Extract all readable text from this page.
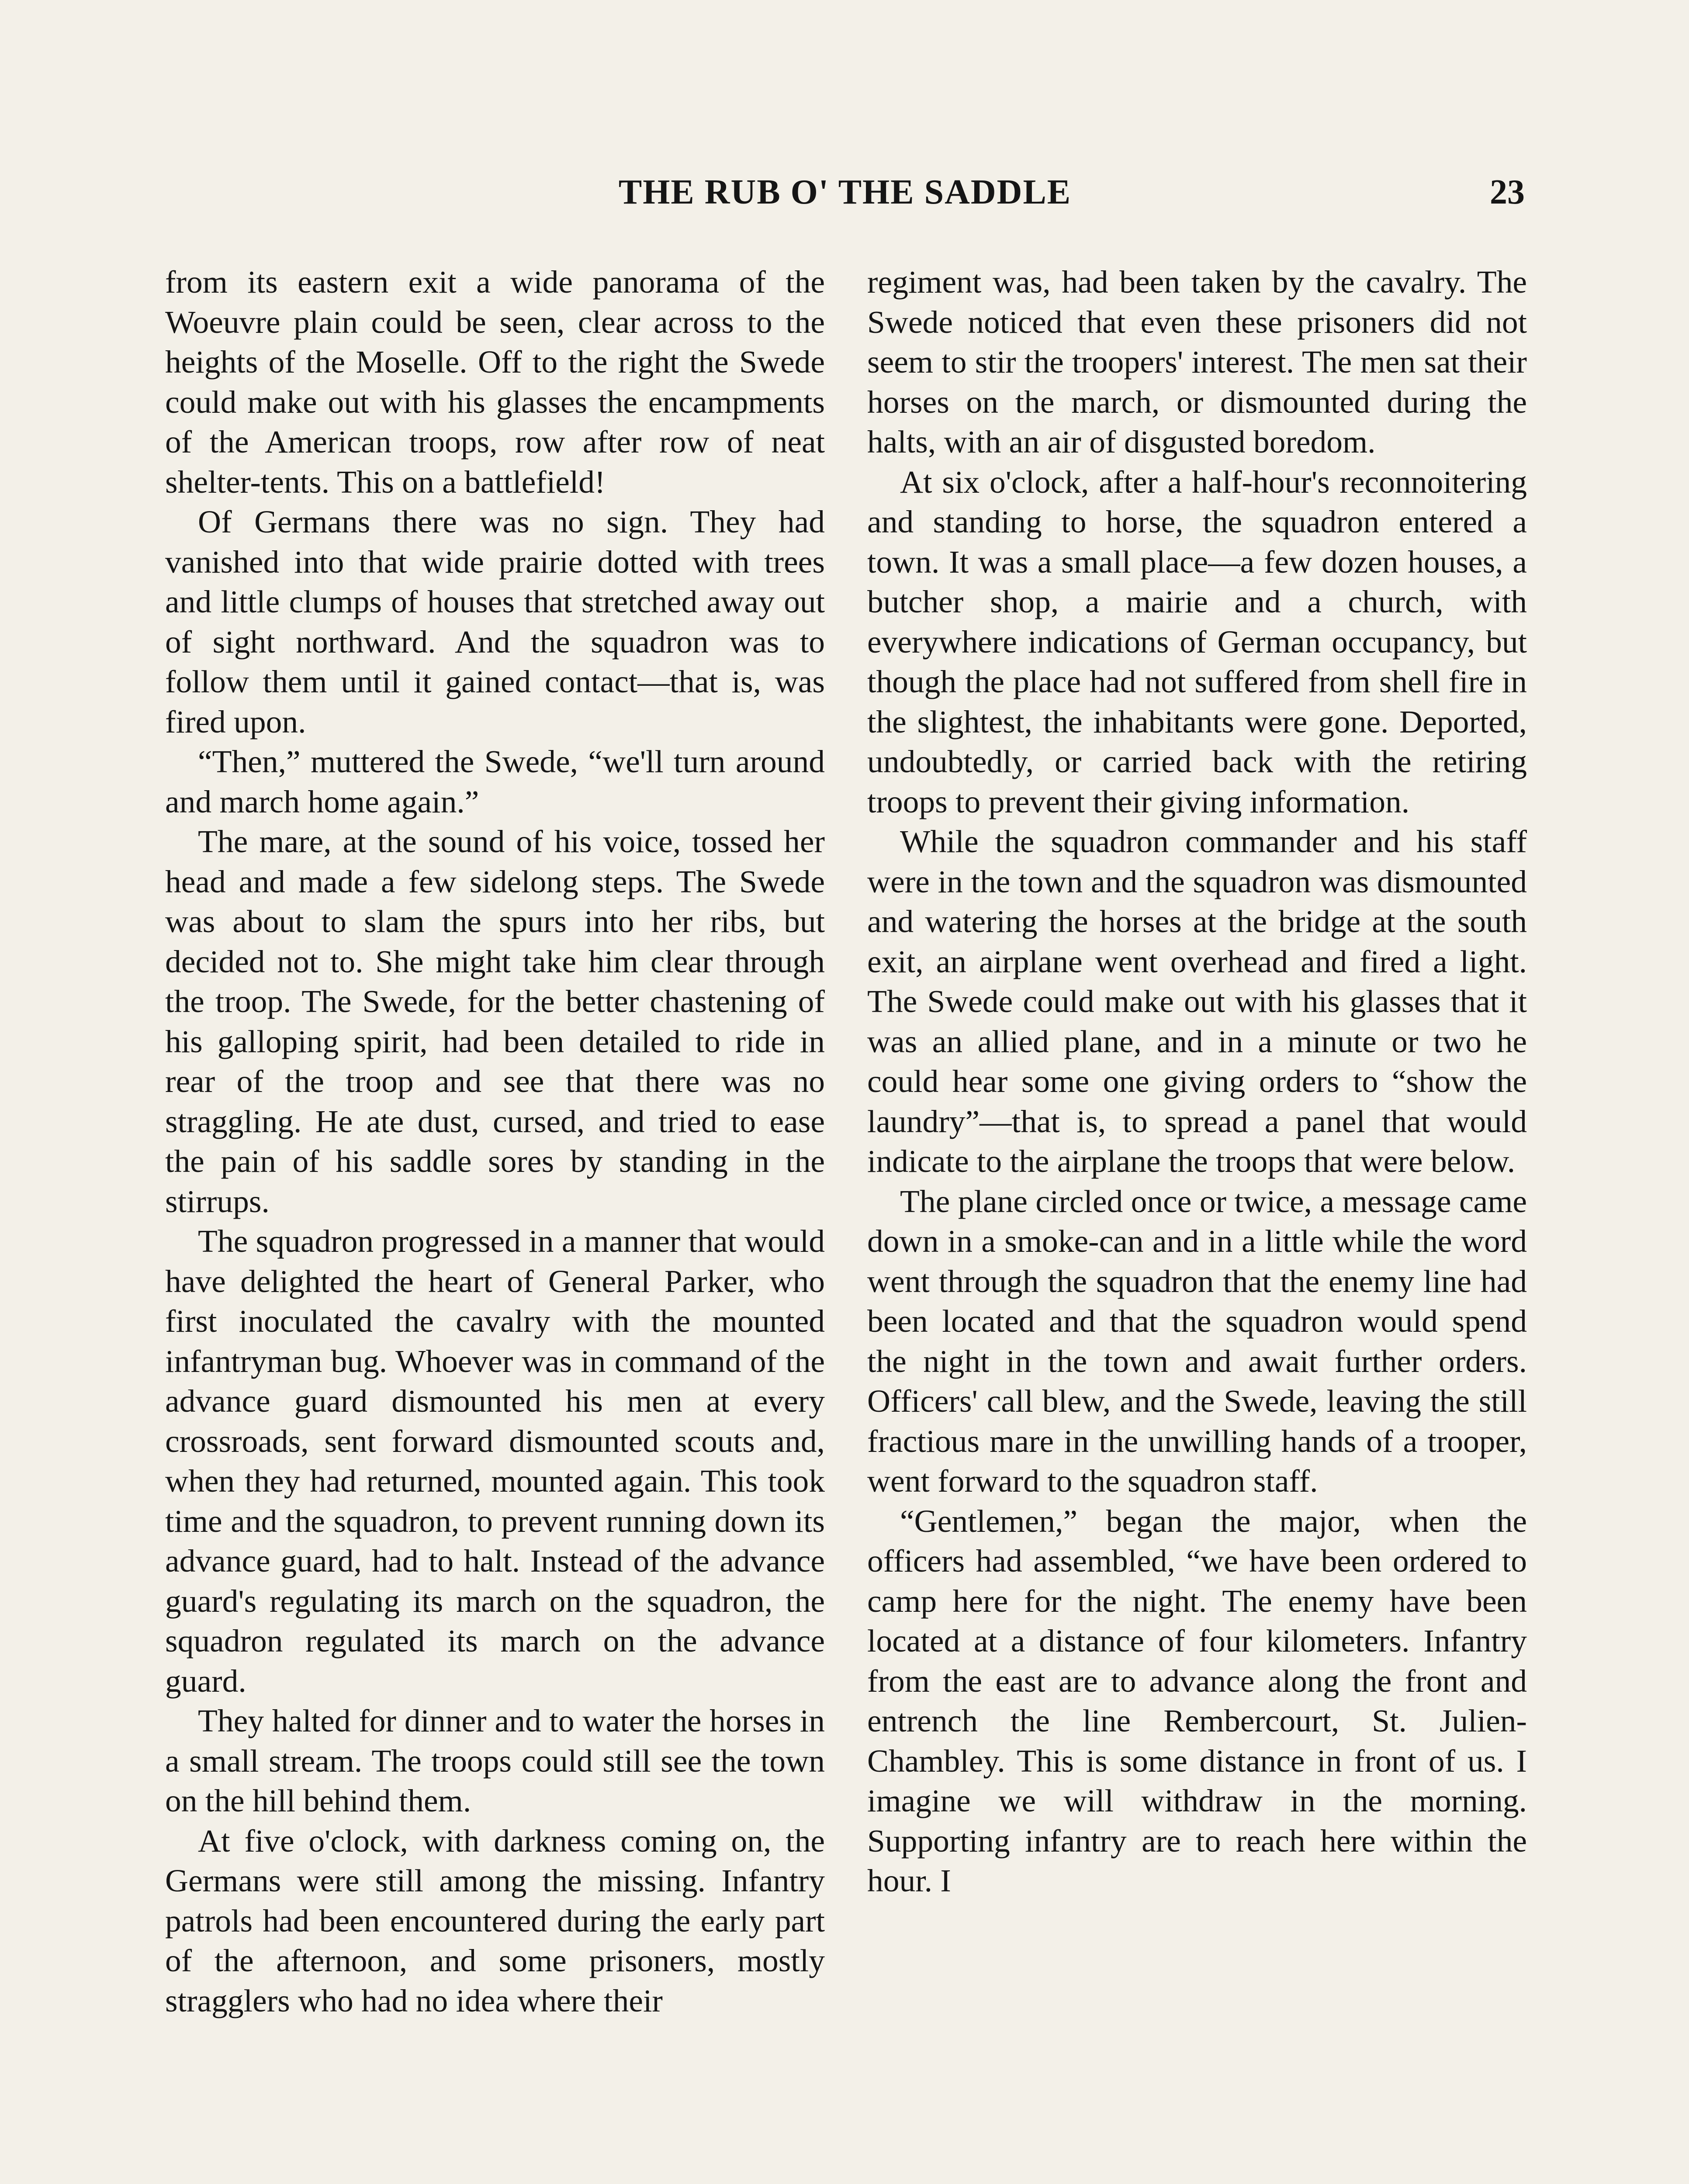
THE RUB O' THE SADDLE	23

from its eastern exit a wide panorama of the Woeuvre plain could be seen, clear across to the heights of the Moselle. Off to the right the Swede could make out with his glasses the encampments of the American troops, row after row of neat shelter-tents. This on a battlefield!

Of Germans there was no sign. They had vanished into that wide prairie dotted with trees and little clumps of houses that stretched away out of sight northward. And the squadron was to follow them until it gained contact—that is, was fired upon.

“Then,” muttered the Swede, “we'll turn around and march home again.”

The mare, at the sound of his voice, tossed her head and made a few sidelong steps. The Swede was about to slam the spurs into her ribs, but decided not to. She might take him clear through the troop. The Swede, for the better chastening of his galloping spirit, had been detailed to ride in rear of the troop and see that there was no straggling. He ate dust, cursed, and tried to ease the pain of his saddle sores by standing in the stirrups.

The squadron progressed in a manner that would have delighted the heart of General Parker, who first inoculated the cavalry with the mounted infantryman bug. Whoever was in command of the advance guard dismounted his men at every crossroads, sent forward dismounted scouts and, when they had returned, mounted again. This took time and the squadron, to prevent running down its advance guard, had to halt. Instead of the advance guard's regulating its march on the squadron, the squadron regulated its march on the advance guard.

They halted for dinner and to water the horses in a small stream. The troops could still see the town on the hill behind them.

At five o'clock, with darkness coming on, the Germans were still among the missing. Infantry patrols had been encountered during the early part of the afternoon, and some prisoners, mostly stragglers who had no idea where their

regiment was, had been taken by the cavalry. The Swede noticed that even these prisoners did not seem to stir the troopers' interest. The men sat their horses on the march, or dismounted during the halts, with an air of disgusted boredom.

At six o'clock, after a half-hour's reconnoitering and standing to horse, the squadron entered a town. It was a small place—a few dozen houses, a butcher shop, a mairie and a church, with everywhere indications of German occupancy, but though the place had not suffered from shell fire in the slightest, the inhabitants were gone. Deported, undoubtedly, or carried back with the retiring troops to prevent their giving information.

While the squadron commander and his staff were in the town and the squadron was dismounted and watering the horses at the bridge at the south exit, an airplane went overhead and fired a light. The Swede could make out with his glasses that it was an allied plane, and in a minute or two he could hear some one giving orders to “show the laundry”—that is, to spread a panel that would indicate to the airplane the troops that were below.

The plane circled once or twice, a message came down in a smoke-can and in a little while the word went through the squadron that the enemy line had been located and that the squadron would spend the night in the town and await further orders. Officers' call blew, and the Swede, leaving the still fractious mare in the unwilling hands of a trooper, went forward to the squadron staff.

“Gentlemen,” began the major, when the officers had assembled, “we have been ordered to camp here for the night. The enemy have been located at a distance of four kilometers. Infantry from the east are to advance along the front and entrench the line Rembercourt, St. Julien-Chambley. This is some distance in front of us. I imagine we will withdraw in the morning. Supporting infantry are to reach here within the hour. I
